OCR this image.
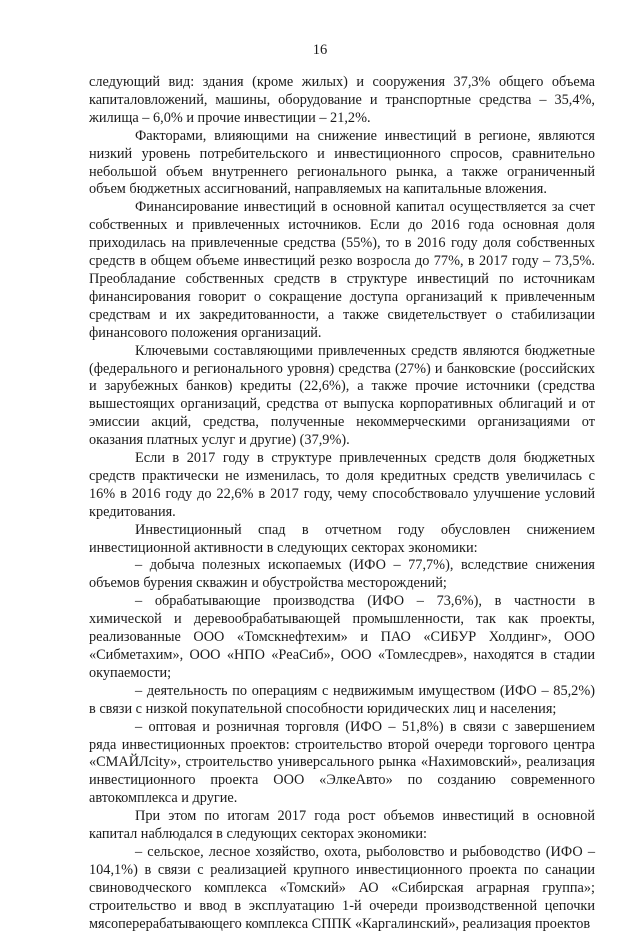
16

следующий вид: здания (кроме жилых) и сооружения 37,3% общего объема капиталовложений, машины, оборудование и транспортные средства – 35,4%, жилища – 6,0% и прочие инвестиции – 21,2%.

Факторами, влияющими на снижение инвестиций в регионе, являются низкий уровень потребительского и инвестиционного спросов, сравнительно небольшой объем внутреннего регионального рынка, а также ограниченный объем бюджетных ассигнований, направляемых на капитальные вложения.

Финансирование инвестиций в основной капитал осуществляется за счет собственных и привлеченных источников. Если до 2016 года основная доля приходилась на привлеченные средства (55%), то в 2016 году доля собственных средств в общем объеме инвестиций резко возросла до 77%, в 2017 году – 73,5%. Преобладание собственных средств в структуре инвестиций по источникам финансирования говорит о сокращение доступа организаций к привлеченным средствам и их закредитованности, а также свидетельствует о стабилизации финансового положения организаций.

Ключевыми составляющими привлеченных средств являются бюджетные (федерального и регионального уровня) средства (27%) и банковские (российских и зарубежных банков) кредиты (22,6%), а также прочие источники (средства вышестоящих организаций, средства от выпуска корпоративных облигаций и от эмиссии акций, средства, полученные некоммерческими организациями от оказания платных услуг и другие) (37,9%).

Если в 2017 году в структуре привлеченных средств доля бюджетных средств практически не изменилась, то доля кредитных средств увеличилась с 16% в 2016 году до 22,6% в 2017 году, чему способствовало улучшение условий кредитования.

Инвестиционный спад в отчетном году обусловлен снижением инвестиционной активности в следующих секторах экономики:

– добыча полезных ископаемых (ИФО – 77,7%), вследствие снижения объемов бурения скважин и обустройства месторождений;

– обрабатывающие производства (ИФО – 73,6%), в частности в химической и деревообрабатывающей промышленности, так как проекты, реализованные ООО «Томскнефтехим» и ПАО «СИБУР Холдинг», ООО «Сибметахим», ООО «НПО «РеаСиб», ООО «Томлесдрев», находятся в стадии окупаемости;

– деятельность по операциям с недвижимым имуществом (ИФО – 85,2%) в связи с низкой покупательной способности юридических лиц и населения;

– оптовая и розничная торговля (ИФО – 51,8%) в связи с завершением ряда инвестиционных проектов: строительство второй очереди торгового центра «СМАЙЛcity», строительство универсального рынка «Нахимовский», реализация инвестиционного проекта ООО «ЭлкеАвто» по созданию современного автокомплекса и другие.

При этом по итогам 2017 года рост объемов инвестиций в основной капитал наблюдался в следующих секторах экономики:

– сельское, лесное хозяйство, охота, рыболовство и рыбоводство (ИФО – 104,1%) в связи с реализацией крупного инвестиционного проекта по санации свиноводческого комплекса «Томский» АО «Сибирская аграрная группа»; строительство и ввод в эксплуатацию 1-й очереди производственной цепочки мясоперерабатывающего комплекса СППК «Каргалинский», реализация проектов
